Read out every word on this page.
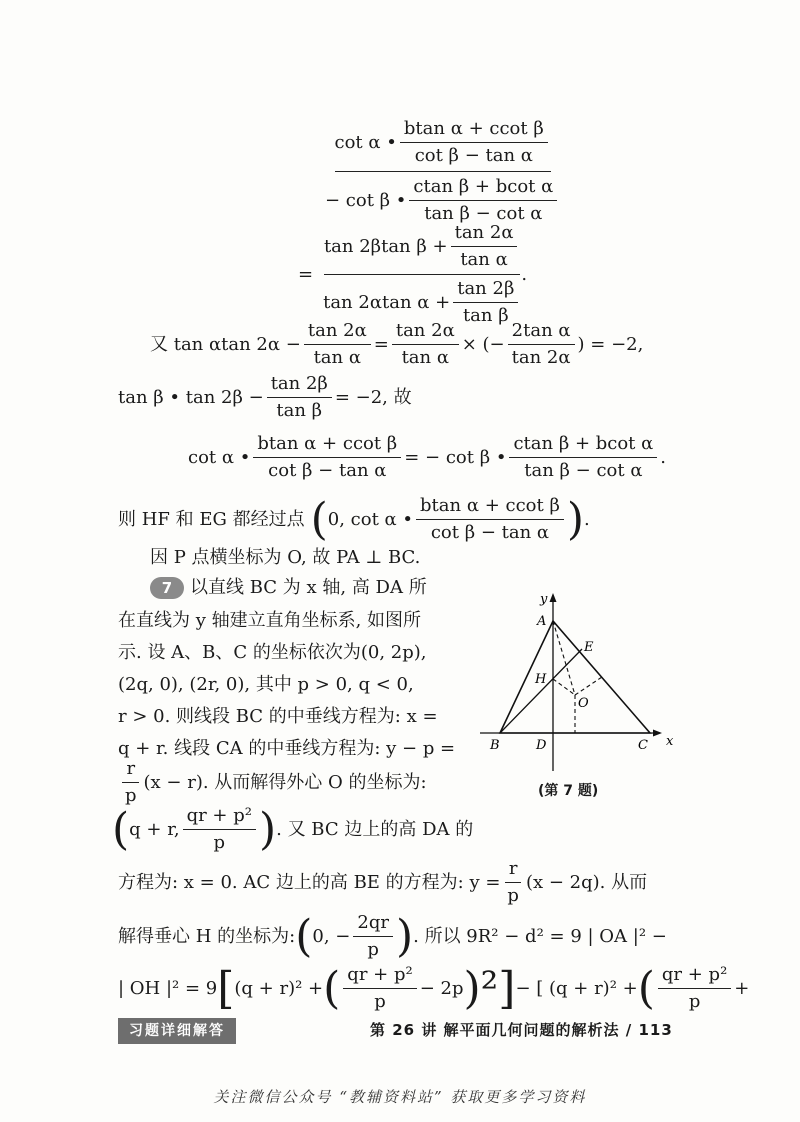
cot α • $\frac{\text{btan α + ccot β}}{\text{cot β − tan α}}$
− cot β • $\frac{\text{ctan β + bcot α}}{\text{tan β − cot α}}$
= $\frac{\tan 2\beta\tan \beta + \frac{\tan 2\alpha}{\text{tan α}}}{\tan 2\alpha\tan \alpha + \frac{\tan 2\beta}{\text{tan β}}}$ .
又 tan αtan $2\alpha - \frac{\tan 2\alpha}{\text{tan α}} = \frac{\tan 2\alpha}{\text{tan α}}$ × (− $\frac{\text{2tan α}}{\tan 2\alpha}$ ) = −2,
tan β • $\tan 2\beta - \frac{\tan 2\beta}{\text{tan β}} = -2$, 故
cot α • $\frac{\text{btan α + ccot β}}{\text{cot β − tan α}}$ = − cot β • $\frac{\text{ctan β + bcot α}}{\text{tan β − cot α}}$ .
则 HF 和 EG 都经过点 ( 0, cot α • $\frac{\text{btan α + ccot β}}{\text{cot β − tan α}}$ ) .
因 P 点横坐标为 O, 故 PA ⊥ BC.
7 以直线 BC 为 x 轴, 高 DA 所
在直线为 y 轴建立直角坐标系, 如图所
示. 设 A、B、C 的坐标依次为(0, 2p),
(2q, 0), (2r, 0), 其中 p > 0, q < 0,
r > 0. 则线段 BC 的中垂线方程为: x =
q + r. 线段 CA 的中垂线方程为: y − p =
$\frac{r}{p} (x - r)$. 从而解得外心 O 的坐标为:
( q + r, $\frac{\text{qr + p²}}{p}$ ) . 又 BC 边上的高 DA 的
方程为: x = 0. AC 边上的高 BE 的方程为: $y = \frac{r}{p} (x - 2q)$. 从而
解得垂心 H 的坐标为: ( 0, − $\frac{2qr}{p}$ ) . 所以 9R² − d² = 9 | OA |² −
| OH |² = 9 [ (q + r)² + ( $\frac{\text{qr + p²}}{p} - 2p$ )² ] − [ (q + r)² + ( $\frac{\text{qr + p²}}{p}$ +
y
x
A
E
H
O
B	D	C
(第 7 题)
习题详细解答	第 26 讲 解平面几何问题的解析法 / 113
关注微信公众号 “教辅资料站” 获取更多学习资料
